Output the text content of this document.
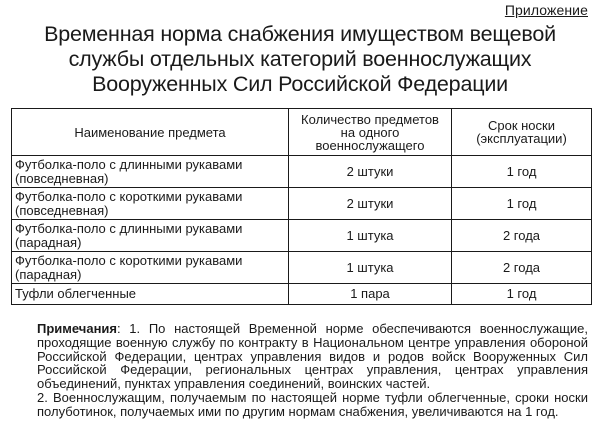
Приложение
Временная норма снабжения имуществом вещевой
службы отдельных категорий военнослужащих
Вооруженных Сил Российской Федерации
Наименование предмета	Количество предметов на одного военнослужащего	Срок носки (эксплуатации)
Футболка-поло с длинными рукавами (повседневная)	2 штуки	1 год
Футболка-поло с короткими рукавами (повседневная)	2 штуки	1 год
Футболка-поло с длинными рукавами (парадная)	1 штука	2 года
Футболка-поло с короткими рукавами (парадная)	1 штука	2 года
Туфли облегченные	1 пара	1 год

Примечания: 1. По настоящей Временной норме обеспечиваются военнослужащие, проходящие военную службу по контракту в Национальном центре управления обороной Российской Федерации, центрах управления видов и родов войск Вооруженных Сил Российской Федерации, региональных центрах управления, центрах управления объединений, пунктах управления соединений, воинских частей.

2. Военнослужащим, получаемым по настоящей норме туфли облегченные, сроки носки полуботинок, получаемых ими по другим нормам снабжения, увеличиваются на 1 год.
